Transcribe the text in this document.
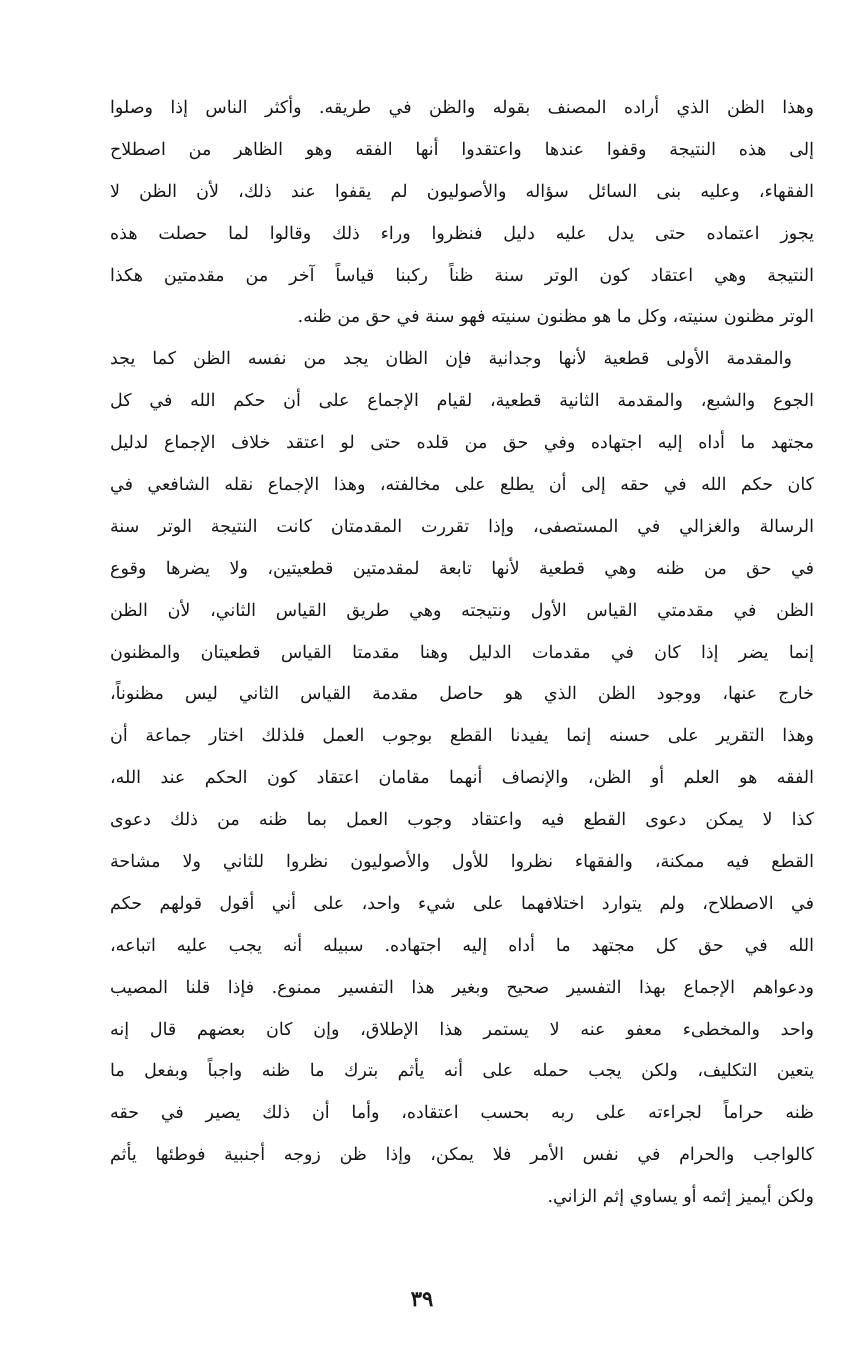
وهذا الظن الذي أراده المصنف بقوله والظن في طريقه. وأكثر الناس إذا وصلوا
إلى هذه النتيجة وقفوا عندها واعتقدوا أنها الفقه وهو الظاهر من اصطلاح
الفقهاء، وعليه بنى السائل سؤاله والأصوليون لم يقفوا عند ذلك، لأن الظن لا
يجوز اعتماده حتى يدل عليه دليل فنظروا وراء ذلك وقالوا لما حصلت هذه
النتيجة وهي اعتقاد كون الوتر سنة ظناً ركبنا قياساً آخر من مقدمتين هكذا
الوتر مظنون سنيته، وكل ما هو مظنون سنيته فهو سنة في حق من ظنه.
والمقدمة الأولى قطعية لأنها وجدانية فإن الظان يجد من نفسه الظن كما يجد
الجوع والشبع، والمقدمة الثانية قطعية، لقيام الإجماع على أن حكم الله في كل
مجتهد ما أداه إليه اجتهاده وفي حق من قلده حتى لو اعتقد خلاف الإجماع لدليل
كان حكم الله في حقه إلى أن يطلع على مخالفته، وهذا الإجماع نقله الشافعي في
الرسالة والغزالي في المستصفى، وإذا تقررت المقدمتان كانت النتيجة الوتر سنة
في حق من ظنه وهي قطعية لأنها تابعة لمقدمتين قطعيتين، ولا يضرها وقوع
الظن في مقدمتي القياس الأول ونتيجته وهي طريق القياس الثاني، لأن الظن
إنما يضر إذا كان في مقدمات الدليل وهنا مقدمتا القياس قطعيتان والمظنون
خارج عنها، ووجود الظن الذي هو حاصل مقدمة القياس الثاني ليس مظنوناً،
وهذا التقرير على حسنه إنما يفيدنا القطع بوجوب العمل فلذلك اختار جماعة أن
الفقه هو العلم أو الظن، والإنصاف أنهما مقامان اعتقاد كون الحكم عند الله،
كذا لا يمكن دعوى القطع فيه واعتقاد وجوب العمل بما ظنه من ذلك دعوى
القطع فيه ممكنة، والفقهاء نظروا للأول والأصوليون نظروا للثاني ولا مشاحة
في الاصطلاح، ولم يتوارد اختلافهما على شيء واحد، على أني أقول قولهم حكم
الله في حق كل مجتهد ما أداه إليه اجتهاده. سبيله أنه يجب عليه اتباعه،
ودعواهم الإجماع بهذا التفسير صحيح وبغير هذا التفسير ممنوع. فإذا قلنا المصيب
واحد والمخطىء معفو عنه لا يستمر هذا الإطلاق، وإن كان بعضهم قال إنه
يتعين التكليف، ولكن يجب حمله على أنه يأثم بترك ما ظنه واجباً وبفعل ما
ظنه حراماً لجراءته على ربه بحسب اعتقاده، وأما أن ذلك يصير في حقه
كالواجب والحرام في نفس الأمر فلا يمكن، وإذا ظن زوجه أجنبية فوطئها يأثم
ولكن أيميز إثمه أو يساوي إثم الزاني.
٣٩
